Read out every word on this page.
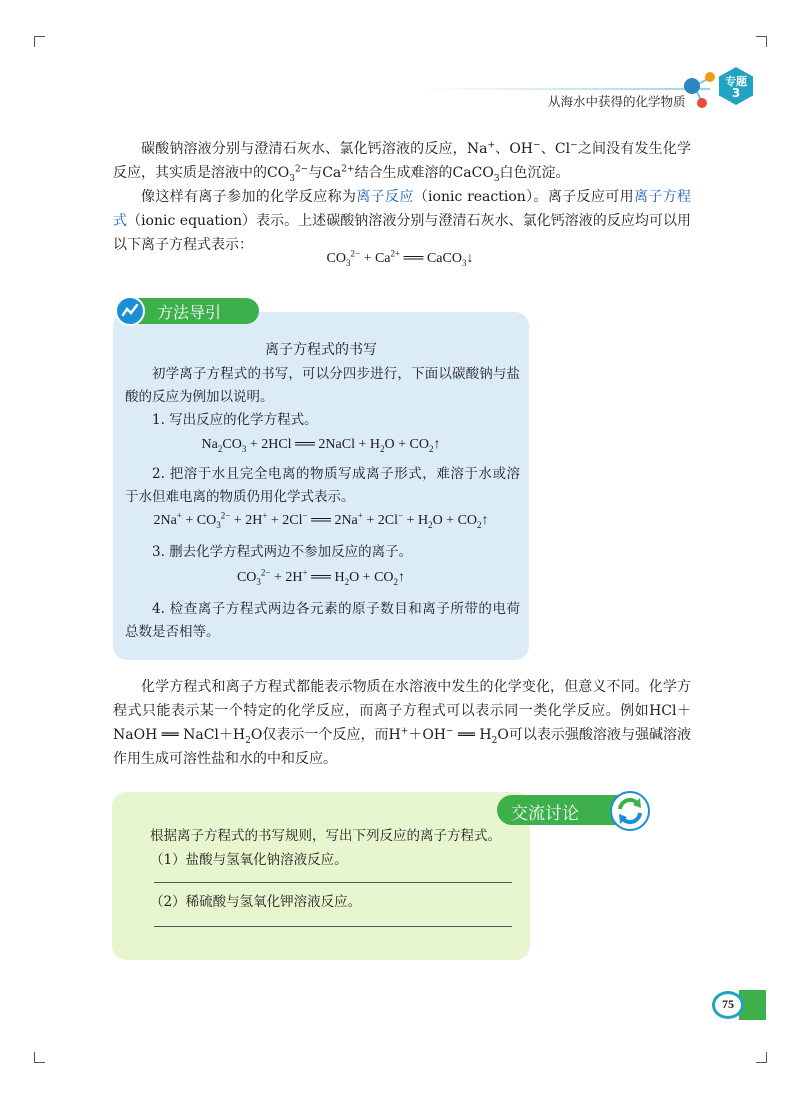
从海水中获得的化学物质
专题
3

碳酸钠溶液分别与澄清石灰水、氯化钙溶液的反应，Na+、OH−、Cl−之间没有发生化学反应，其实质是溶液中的$CO_3^{2-}$与$Ca^{2+}$结合生成难溶的CaCO$_3$白色沉淀。

像这样有离子参加的化学反应称为离子反应（ionic reaction）。离子反应可用离子方程式（ionic equation）表示。上述碳酸钠溶液分别与澄清石灰水、氯化钙溶液的反应均可以用以下离子方程式表示：

$CO_3^{2-} + Ca^{2+}$ ══ CaCO$_3$↓
方法导引
离子方程式的书写

初学离子方程式的书写，可以分四步进行，下面以碳酸钠与盐酸的反应为例加以说明。

1. 写出反应的化学方程式。

$Na_2CO_3 + 2HCl$ ══ 2NaCl + $H_2O$ + $CO_2↑$

2. 把溶于水且完全电离的物质写成离子形式，难溶于水或溶于水但难电离的物质仍用化学式表示。

$2Na^+ + CO_3^{2-} + 2H^+ + 2Cl^-$ ══ $2Na^+ + 2Cl^- + H_2O$ + $CO_2↑$

3. 删去化学方程式两边不参加反应的离子。

$CO_3^{2-} + 2H^+$ ══ $H_2O$ + $CO_2↑$

4. 检查离子方程式两边各元素的原子数目和离子所带的电荷总数是否相等。

化学方程式和离子方程式都能表示物质在水溶液中发生的化学变化，但意义不同。化学方程式只能表示某一个特定的化学反应，而离子方程式可以表示同一类化学反应。例如HCl＋NaOH ══ $NaCl+H_2O$仅表示一个反应，而H+＋OH− ══ $H_2O$可以表示强酸溶液与强碱溶液作用生成可溶性盐和水的中和反应。

交流讨论

根据离子方程式的书写规则，写出下列反应的离子方程式。

（1）盐酸与氢氧化钠溶液反应。

（2）稀硫酸与氢氧化钾溶液反应。

75
